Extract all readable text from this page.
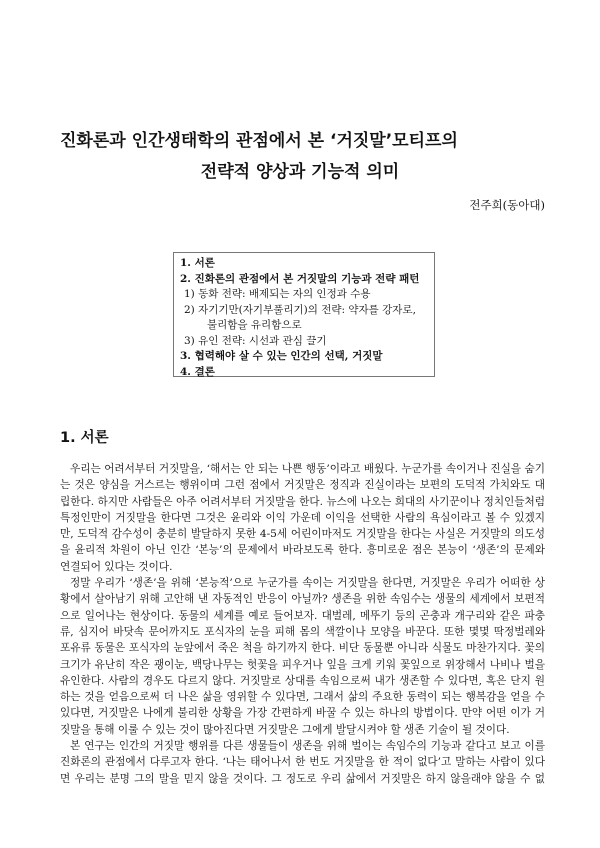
진화론과 인간생태학의 관점에서 본 ‘거짓말’모티프의
전략적 양상과 기능적 의미
전주희(동아대)
1. 서론
2. 진화론의 관점에서 본 거짓말의 기능과 전략 패턴
1) 동화 전략: 배제되는 자의 인정과 수용
2) 자기기만(자기부풀리기)의 전략: 약자를 강자로,
불리함을 유리함으로
3) 유인 전략: 시선과 관심 끌기
3. 협력해야 살 수 있는 인간의 선택, 거짓말
4. 결론
1. 서론
우리는 어려서부터 거짓말을, ‘해서는 안 되는 나쁜 행동’이라고 배웠다. 누군가를 속이거나 진실을 숨기
는 것은 양심을 거스르는 행위이며 그런 점에서 거짓말은 정직과 진실이라는 보편의 도덕적 가치와도 대
립한다. 하지만 사람들은 아주 어려서부터 거짓말을 한다. 뉴스에 나오는 희대의 사기꾼이나 정치인들처럼
특정인만이 거짓말을 한다면 그것은 윤리와 이익 가운데 이익을 선택한 사람의 욕심이라고 볼 수 있겠지
만, 도덕적 감수성이 충분히 발달하지 못한 4-5세 어린이마저도 거짓말을 한다는 사실은 거짓말의 의도성
을 윤리적 차원이 아닌 인간 ‘본능’의 문제에서 바라보도록 한다. 흥미로운 점은 본능이 ‘생존’의 문제와
연결되어 있다는 것이다.
정말 우리가 ‘생존’을 위해 ‘본능적’으로 누군가를 속이는 거짓말을 한다면, 거짓말은 우리가 어떠한 상
황에서 살아남기 위해 고안해 낸 자동적인 반응이 아닐까? 생존을 위한 속임수는 생물의 세계에서 보편적
으로 일어나는 현상이다. 동물의 세계를 예로 들어보자. 대벌레, 메뚜기 등의 곤충과 개구리와 같은 파충
류, 심지어 바닷속 문어까지도 포식자의 눈을 피해 몸의 색깔이나 모양을 바꾼다. 또한 몇몇 딱정벌레와
포유류 동물은 포식자의 눈앞에서 죽은 척을 하기까지 한다. 비단 동물뿐 아니라 식물도 마찬가지다. 꽃의
크기가 유난히 작은 괭이눈, 백당나무는 헛꽃을 피우거나 잎을 크게 키워 꽃잎으로 위장해서 나비나 벌을
유인한다. 사람의 경우도 다르지 않다. 거짓말로 상대를 속임으로써 내가 생존할 수 있다면, 혹은 단지 원
하는 것을 얻음으로써 더 나은 삶을 영위할 수 있다면, 그래서 삶의 주요한 동력이 되는 행복감을 얻을 수
있다면, 거짓말은 나에게 불리한 상황을 가장 간편하게 바꿀 수 있는 하나의 방법이다. 만약 어떤 이가 거
짓말을 통해 이룰 수 있는 것이 많아진다면 거짓말은 그에게 발달시켜야 할 생존 기술이 될 것이다.
본 연구는 인간의 거짓말 행위를 다른 생물들이 생존을 위해 벌이는 속임수의 기능과 같다고 보고 이를
진화론의 관점에서 다루고자 한다. ‘나는 태어나서 한 번도 거짓말을 한 적이 없다’고 말하는 사람이 있다
면 우리는 분명 그의 말을 믿지 않을 것이다. 그 정도로 우리 삶에서 거짓말은 하지 않을래야 않을 수 없
